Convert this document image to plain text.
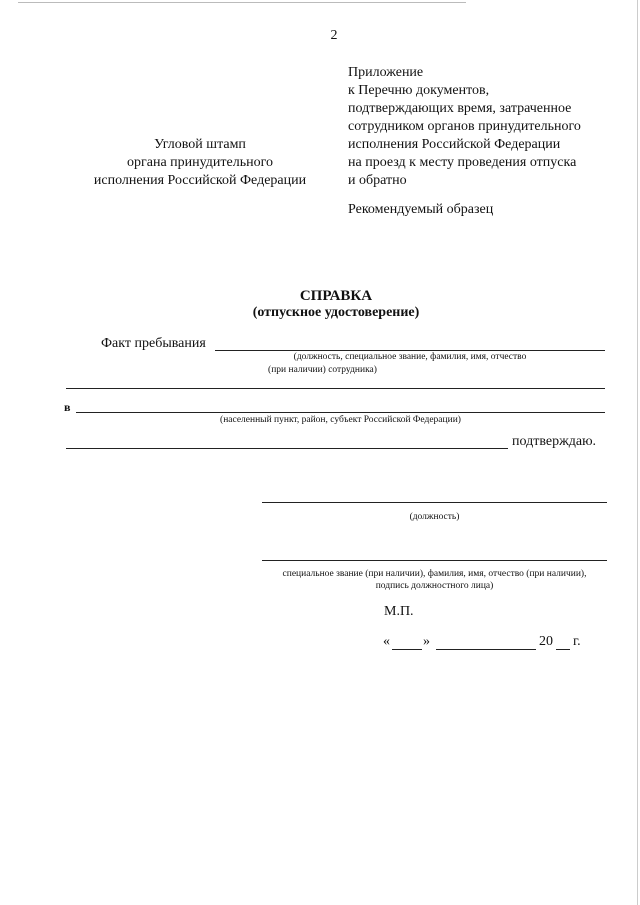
2
Приложение
к Перечню документов,
подтверждающих время, затраченное
сотрудником органов принудительного
исполнения Российской Федерации
на проезд к месту проведения отпуска
и обратно
Угловой штамп
органа принудительного
исполнения Российской Федерации
Рекомендуемый образец
СПРАВКА
(отпускное удостоверение)
Факт пребывания
(должность, специальное звание, фамилия, имя, отчество
(при наличии) сотрудника)
в
(населенный пункт, район, субъект Российской Федерации)
подтверждаю.
(должность)
специальное звание (при наличии), фамилия, имя, отчество (при наличии),
подпись должностного лица)
М.П.
« »	20 г.
